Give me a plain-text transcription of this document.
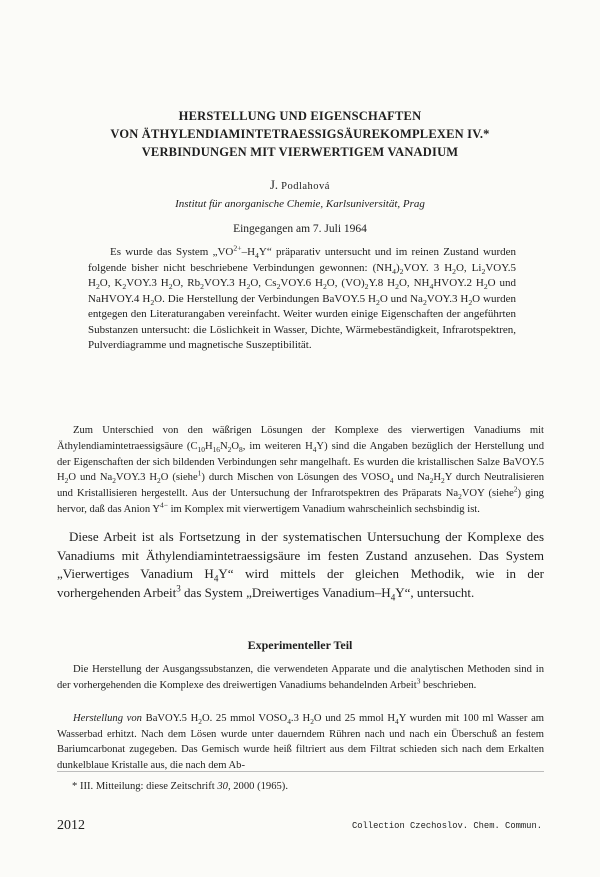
HERSTELLUNG UND EIGENSCHAFTEN
VON ÄTHYLENDIAMINTETRAESSIGSÄUREKOMPLEXEN IV.*
VERBINDUNGEN MIT VIERWERTIGEM VANADIUM
J. Podlahová
Institut für anorganische Chemie, Karlsuniversität, Prag
Eingegangen am 7. Juli 1964

Es wurde das System $„VO^{2+}-H_4Y“$ präparativ untersucht und im reinen Zustand wurden folgende bisher nicht beschriebene Verbindungen gewonnen: $(NH_4)_2VOY$. 3 $H_2O$, $Li_2VOY.5$ $H_2O$, $K_2VOY.3$ $H_2O$, $Rb_2VOY.3$ $H_2O$, $Cs_2VOY.6$ $H_2O$, $(VO)_2Y.8$ $H_2O$, $NH_4HVOY.2$ $H_2O$ und NaHVOY.4 $H_2O$. Die Herstellung der Verbindungen BaVOY.5 $H_2O$ und $Na_2VOY.3$ $H_2O$ wurden entgegen den Literaturangaben vereinfacht. Weiter wurden einige Eigenschaften der angeführten Substanzen untersucht: die Löslichkeit in Wasser, Dichte, Wärmebeständigkeit, Infrarotspektren, Pulverdiagramme und magnetische Suszeptibilität.

Zum Unterschied von den wäßrigen Lösungen der Komplexe des vierwertigen Vanadiums mit Äthylendiamintetraessigsäure ($C_{10}H_{16}N_2O_8$, im weiteren $H_4Y$) sind die Angaben bezüglich der Herstellung und der Eigenschaften der sich bildenden Verbindungen sehr mangelhaft. Es wurden die kristallischen Salze BaVOY.5 $H_2O$ und $Na_2VOY.3$ $H_2O$ (siehe$^1$) durch Mischen von Lösungen des $VOSO_4$ und $Na_2H_2Y$ durch Neutralisieren und Kristallisieren hergestellt. Aus der Untersuchung der Infrarotspektren des Präparats $Na_2VOY$ (siehe$^2$) ging hervor, daß das Anion $Y^{4-}$ im Komplex mit vierwertigem Vanadium wahrscheinlich sechsbindig ist.

Diese Arbeit ist als Fortsetzung in der systematischen Untersuchung der Komplexe des Vanadiums mit Äthylendiamintetraessigsäure im festen Zustand anzusehen. Das System „Vierwertiges Vanadium $H_4Y“$ wird mittels der gleichen Methodik, wie in der vorhergehenden Arbeit$^3$ das System „Dreiwertiges Vanadium–$H_4Y“$, untersucht.

Experimenteller Teil

Die Herstellung der Ausgangssubstanzen, die verwendeten Apparate und die analytischen Methoden sind in der vorhergehenden die Komplexe des dreiwertigen Vanadiums behandelnden Arbeit$^3$ beschrieben.

Herstellung von BaVOY.5 $H_2O$. 25 mmol $VOSO_4.3$ $H_2O$ und 25 mmol $H_4Y$ wurden mit 100 ml Wasser am Wasserbad erhitzt. Nach dem Lösen wurde unter dauerndem Rühren nach und nach ein Überschuß an festem Bariumcarbonat zugegeben. Das Gemisch wurde heiß filtriert aus dem Filtrat schieden sich nach dem Erkalten dunkelblaue Kristalle aus, die nach dem Ab-

* III. Mitteilung: diese Zeitschrift 30, 2000 (1965).

2012	Collection Czechoslov. Chem. Commun.
